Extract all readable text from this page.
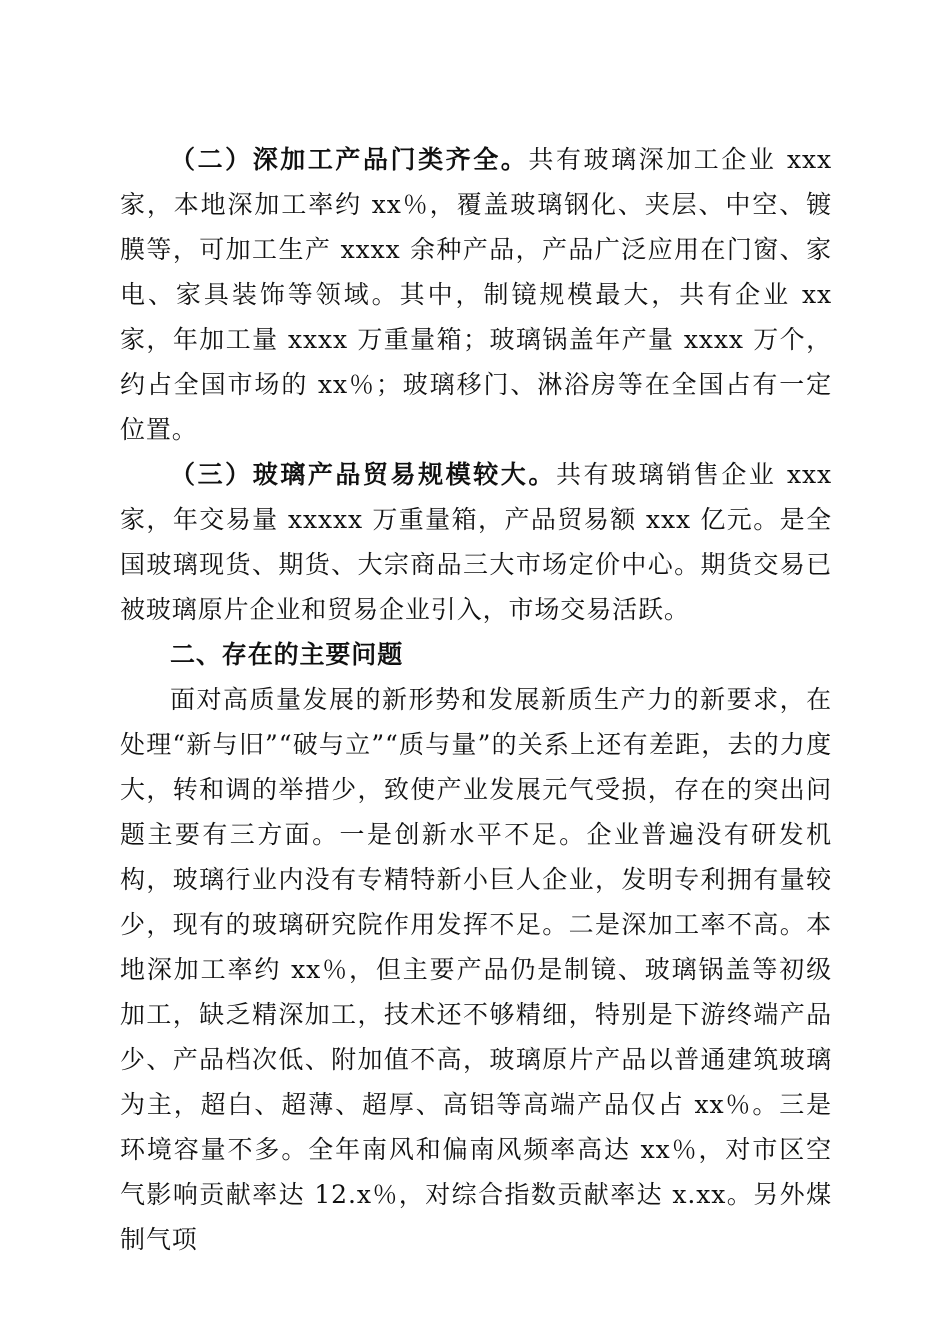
（二）深加工产品门类齐全。共有玻璃深加工企业 xxx 家，本地深加工率约 xx％，覆盖玻璃钢化、夹层、中空、镀膜等，可加工生产 xxxx 余种产品，产品广泛应用在门窗、家电、家具装饰等领域。其中，制镜规模最大，共有企业 xx 家，年加工量 xxxx 万重量箱；玻璃锅盖年产量 xxxx 万个，约占全国市场的 xx％；玻璃移门、淋浴房等在全国占有一定位置。

（三）玻璃产品贸易规模较大。共有玻璃销售企业 xxx 家，年交易量 xxxxx 万重量箱，产品贸易额 xxx 亿元。是全国玻璃现货、期货、大宗商品三大市场定价中心。期货交易已被玻璃原片企业和贸易企业引入，市场交易活跃。

二、存在的主要问题

面对高质量发展的新形势和发展新质生产力的新要求，在处理“新与旧”“破与立”“质与量”的关系上还有差距，去的力度大，转和调的举措少，致使产业发展元气受损，存在的突出问题主要有三方面。一是创新水平不足。企业普遍没有研发机构，玻璃行业内没有专精特新小巨人企业，发明专利拥有量较少，现有的玻璃研究院作用发挥不足。二是深加工率不高。本地深加工率约 xx％，但主要产品仍是制镜、玻璃锅盖等初级加工，缺乏精深加工，技术还不够精细，特别是下游终端产品少、产品档次低、附加值不高，玻璃原片产品以普通建筑玻璃为主，超白、超薄、超厚、高铝等高端产品仅占 xx％。三是环境容量不多。全年南风和偏南风频率高达 xx％，对市区空气影响贡献率达 12.x％，对综合指数贡献率达 x.xx。另外煤制气项
